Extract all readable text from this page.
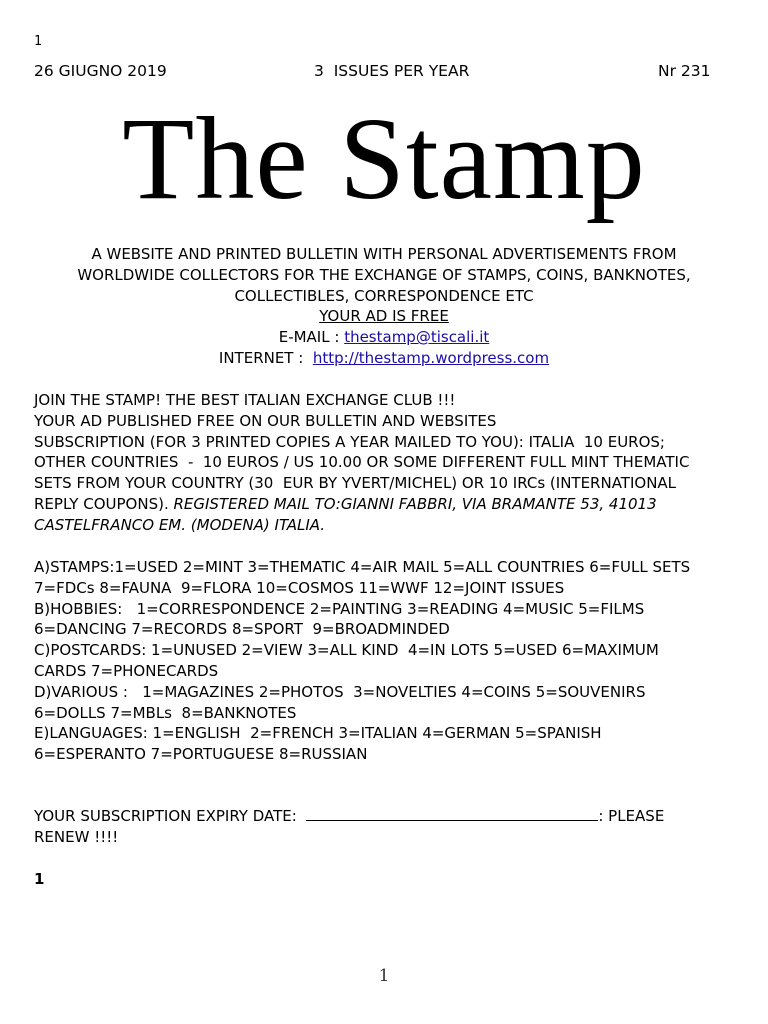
1
26 GIUGNO 2019	3  ISSUES PER YEAR	Nr 231
The Stamp
A WEBSITE AND PRINTED BULLETIN WITH PERSONAL ADVERTISEMENTS FROM
WORLDWIDE COLLECTORS FOR THE EXCHANGE OF STAMPS, COINS, BANKNOTES,
COLLECTIBLES, CORRESPONDENCE ETC
YOUR AD IS FREE
E-MAIL : thestamp@tiscali.it
INTERNET :  http://thestamp.wordpress.com
JOIN THE STAMP! THE BEST ITALIAN EXCHANGE CLUB !!!
YOUR AD PUBLISHED FREE ON OUR BULLETIN AND WEBSITES
SUBSCRIPTION (FOR 3 PRINTED COPIES A YEAR MAILED TO YOU): ITALIA  10 EUROS;
OTHER COUNTRIES  -  10 EUROS / US 10.00 OR SOME DIFFERENT FULL MINT THEMATIC
SETS FROM YOUR COUNTRY (30  EUR BY YVERT/MICHEL) OR 10 IRCs (INTERNATIONAL
REPLY COUPONS). REGISTERED MAIL TO:GIANNI FABBRI, VIA BRAMANTE 53, 41013
CASTELFRANCO EM. (MODENA) ITALIA.
A)STAMPS:1=USED 2=MINT 3=THEMATIC 4=AIR MAIL 5=ALL COUNTRIES 6=FULL SETS
7=FDCs 8=FAUNA  9=FLORA 10=COSMOS 11=WWF 12=JOINT ISSUES
B)HOBBIES:   1=CORRESPONDENCE 2=PAINTING 3=READING 4=MUSIC 5=FILMS
6=DANCING 7=RECORDS 8=SPORT  9=BROADMINDED
C)POSTCARDS: 1=UNUSED 2=VIEW 3=ALL KIND  4=IN LOTS 5=USED 6=MAXIMUM
CARDS 7=PHONECARDS
D)VARIOUS :   1=MAGAZINES 2=PHOTOS  3=NOVELTIES 4=COINS 5=SOUVENIRS
6=DOLLS 7=MBLs  8=BANKNOTES
E)LANGUAGES: 1=ENGLISH  2=FRENCH 3=ITALIAN 4=GERMAN 5=SPANISH
6=ESPERANTO 7=PORTUGUESE 8=RUSSIAN
YOUR SUBSCRIPTION EXPIRY DATE:	: PLEASE
RENEW !!!!
1
1
